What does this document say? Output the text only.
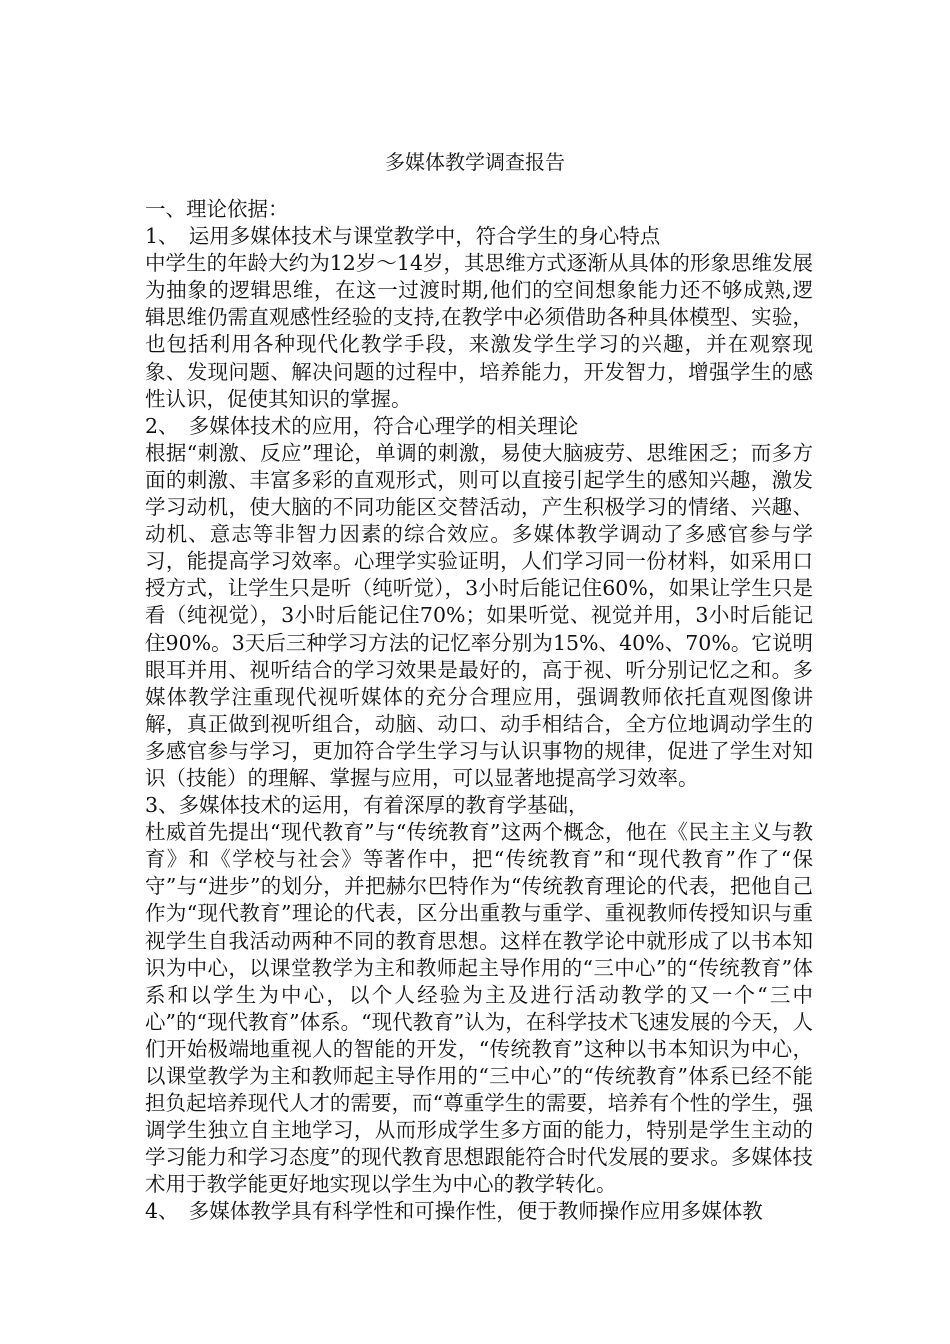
多媒体教学调查报告
一、理论依据：
1、　运用多媒体技术与课堂教学中，符合学生的身心特点
中学生的年龄大约为12岁～14岁，其思维方式逐渐从具体的形象思维发展为抽象的逻辑思维，在这一过渡时期,他们的空间想象能力还不够成熟,逻辑思维仍需直观感性经验的支持,在教学中必须借助各种具体模型、实验，也包括利用各种现代化教学手段，来激发学生学习的兴趣，并在观察现象、发现问题、解决问题的过程中，培养能力，开发智力，增强学生的感性认识，促使其知识的掌握。
2、　多媒体技术的应用，符合心理学的相关理论
根据“刺激、反应”理论，单调的刺激，易使大脑疲劳、思维困乏；而多方面的刺激、丰富多彩的直观形式，则可以直接引起学生的感知兴趣，激发学习动机，使大脑的不同功能区交替活动，产生积极学习的情绪、兴趣、动机、意志等非智力因素的综合效应。多媒体教学调动了多感官参与学习，能提高学习效率。心理学实验证明，人们学习同一份材料，如采用口授方式，让学生只是听（纯听觉），3小时后能记住60%，如果让学生只是看（纯视觉），3小时后能记住70%；如果听觉、视觉并用，3小时后能记住90%。3天后三种学习方法的记忆率分别为15%、40%、70%。它说明眼耳并用、视听结合的学习效果是最好的，高于视、听分别记忆之和。多媒体教学注重现代视听媒体的充分合理应用，强调教师依托直观图像讲解，真正做到视听组合，动脑、动口、动手相结合，全方位地调动学生的多感官参与学习，更加符合学生学习与认识事物的规律，促进了学生对知识（技能）的理解、掌握与应用，可以显著地提高学习效率。
3、多媒体技术的运用，有着深厚的教育学基础，
杜威首先提出“现代教育”与“传统教育”这两个概念，他在《民主主义与教育》和《学校与社会》等著作中，把“传统教育”和“现代教育”作了“保守”与“进步”的划分，并把赫尔巴特作为“传统教育理论的代表，把他自己作为“现代教育”理论的代表，区分出重教与重学、重视教师传授知识与重视学生自我活动两种不同的教育思想。这样在教学论中就形成了以书本知识为中心，以课堂教学为主和教师起主导作用的“三中心”的“传统教育”体系和以学生为中心，以个人经验为主及进行活动教学的又一个“三中心”的“现代教育”体系。“现代教育”认为，在科学技术飞速发展的今天，人们开始极端地重视人的智能的开发，“传统教育”这种以书本知识为中心，以课堂教学为主和教师起主导作用的“三中心”的“传统教育”体系已经不能担负起培养现代人才的需要，而“尊重学生的需要，培养有个性的学生，强调学生独立自主地学习，从而形成学生多方面的能力，特别是学生主动的学习能力和学习态度”的现代教育思想跟能符合时代发展的要求。多媒体技术用于教学能更好地实现以学生为中心的教学转化。
4、　多媒体教学具有科学性和可操作性，便于教师操作应用多媒体教
